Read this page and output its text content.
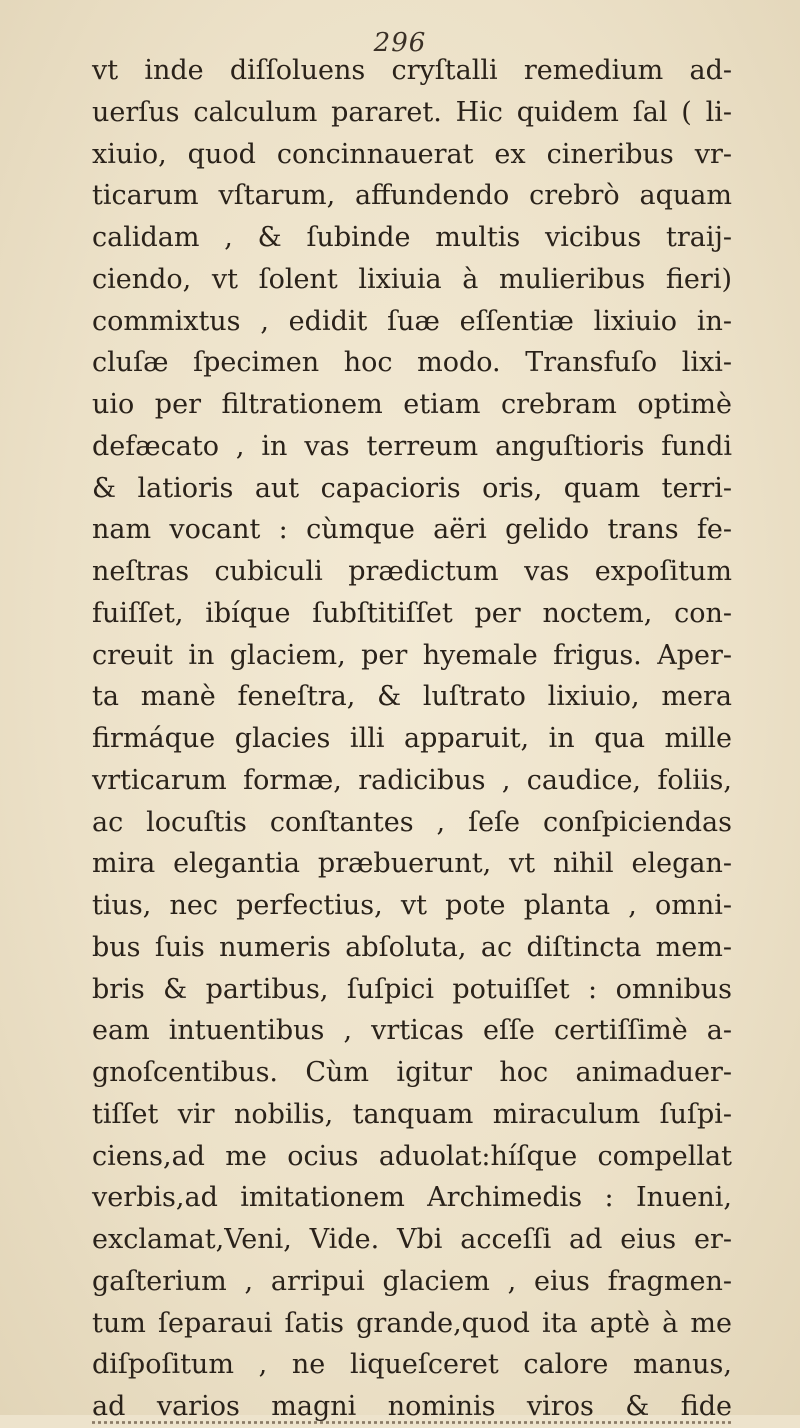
296
vt inde diſſoluens cryſtalli remedium ad-
uerſus calculum pararet. Hic quidem ſal ( li-
xiuio, quod concinnauerat ex cineribus vr-
ticarum vſtarum, affundendo crebrò aquam
calidam , & ſubinde multis vicibus traij-
ciendo, vt ſolent lixiuia à mulieribus fieri)
commixtus , edidit ſuæ eſſentiæ lixiuio in-
cluſæ ſpecimen hoc modo. Transfuſo lixi-
uio per filtrationem etiam crebram optimè
defæcato , in vas terreum anguſtioris fundi
& latioris aut capacioris oris, quam terri-
nam vocant : cùmque aëri gelido trans fe-
neſtras cubiculi prædictum vas expoſitum
fuiſſet, ibíque ſubſtitiſſet per noctem, con-
creuit in glaciem, per hyemale frigus. Aper-
ta manè feneſtra, & luſtrato lixiuio, mera
firmáque glacies illi apparuit, in qua mille
vrticarum formæ, radicibus , caudice, foliis,
ac locuſtis conſtantes , ſeſe conſpiciendas
mira elegantia præbuerunt, vt nihil elegan-
tius, nec perfectius, vt pote planta , omni-
bus ſuis numeris abſoluta, ac diſtincta mem-
bris & partibus, ſuſpici potuiſſet : omnibus
eam intuentibus , vrticas eſſe certiſſimè a-
gnoſcentibus. Cùm igitur hoc animaduer-
tiſſet vir nobilis, tanquam miraculum ſuſpi-
ciens,ad me ocius aduolat:híſque compellat
verbis,ad imitationem Archimedis : Inueni,
exclamat,Veni, Vide. Vbi acceſſi ad eius er-
gaſterium , arripui glaciem , eius fragmen-
tum ſeparaui ſatis grande,quod ita aptè à me
diſpoſitum , ne liqueſceret calore manus,
ad varios magni nominis viros & fide
